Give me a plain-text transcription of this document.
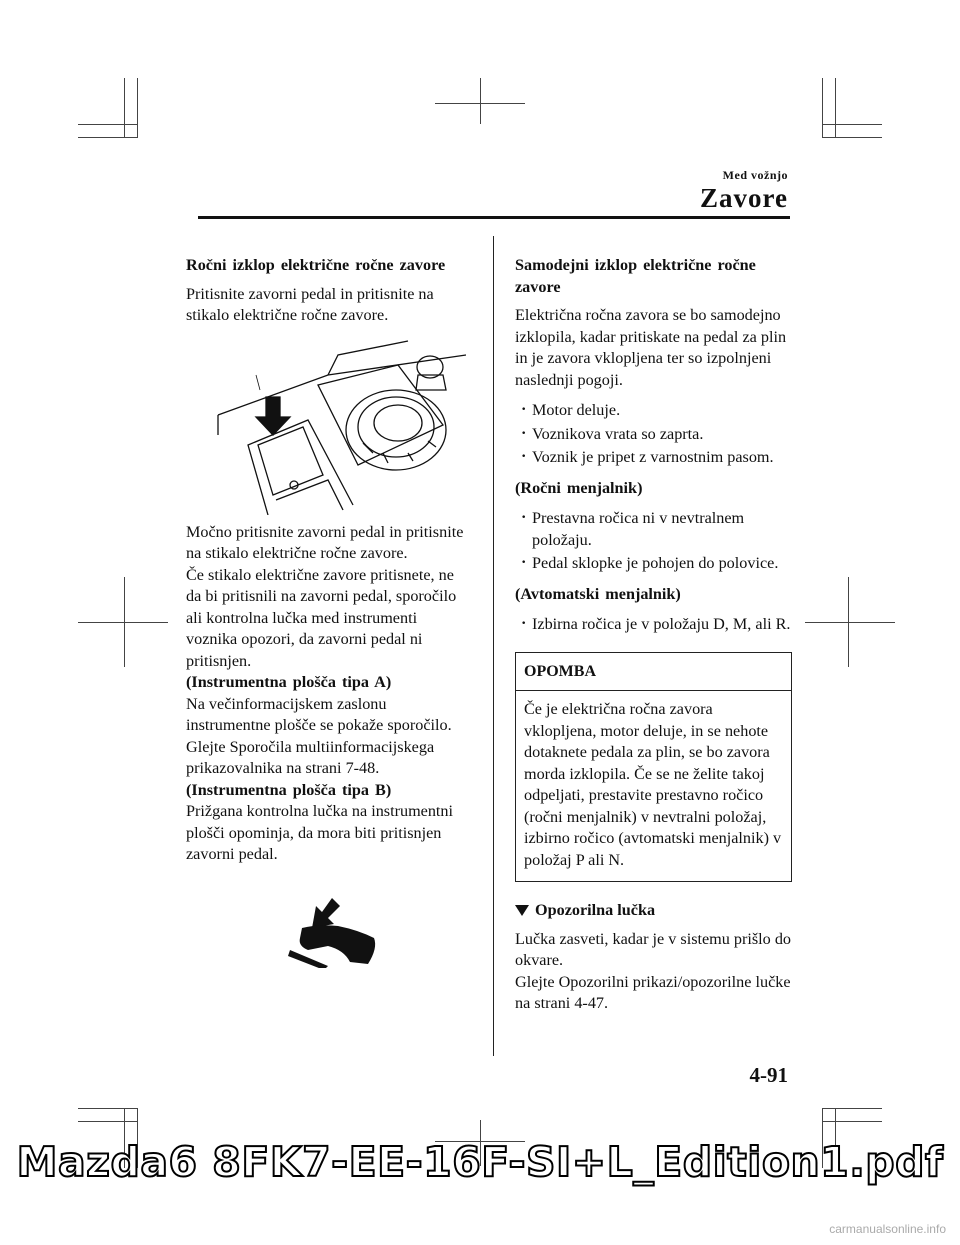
Med vožnjo
Zavore

Ročni izklop električne ročne zavore

Pritisnite zavorni pedal in pritisnite na

stikalo električne ročne zavore.

Močno pritisnite zavorni pedal in pritisnite

na stikalo električne ročne zavore.

Če stikalo električne zavore pritisnete, ne

da bi pritisnili na zavorni pedal, sporočilo

ali kontrolna lučka med instrumenti

voznika opozori, da zavorni pedal ni

pritisnjen.

(Instrumentna plošča tipa A)

Na večinformacijskem zaslonu

instrumentne plošče se pokaže sporočilo.

Glejte Sporočila multiinformacijskega

prikazovalnika na strani 7-48.

(Instrumentna plošča tipa B)

Prižgana kontrolna lučka na instrumentni

plošči opominja, da mora biti pritisnjen

zavorni pedal.

Samodejni izklop električne ročne

zavore

Električna ročna zavora se bo samodejno

izklopila, kadar pritiskate na pedal za plin

in je zavora vklopljena ter so izpolnjeni

naslednji pogoji.

· Motor deluje.

· Voznikova vrata so zaprta.

· Voznik je pripet z varnostnim pasom.

(Ročni menjalnik)

· Prestavna ročica ni v nevtralnem

položaju.

· Pedal sklopke je pohojen do polovice.

(Avtomatski menjalnik)

· Izbirna ročica je v položaju D, M, ali R.

OPOMBA

Če je električna ročna zavora

vklopljena, motor deluje, in se nehote

dotaknete pedala za plin, se bo zavora

morda izklopila. Če se ne želite takoj

odpeljati, prestavite prestavno ročico

(ročni menjalnik) v nevtralni položaj,

izbirno ročico (avtomatski menjalnik) v

položaj P ali N.

Opozorilna lučka

Lučka zasveti, kadar je v sistemu prišlo do

okvare.

Glejte Opozorilni prikazi/opozorilne lučke

na strani 4-47.

4-91
Mazda6 8FK7-EE-16F-SI+L_Edition1.pdf
carmanualsonline.info
